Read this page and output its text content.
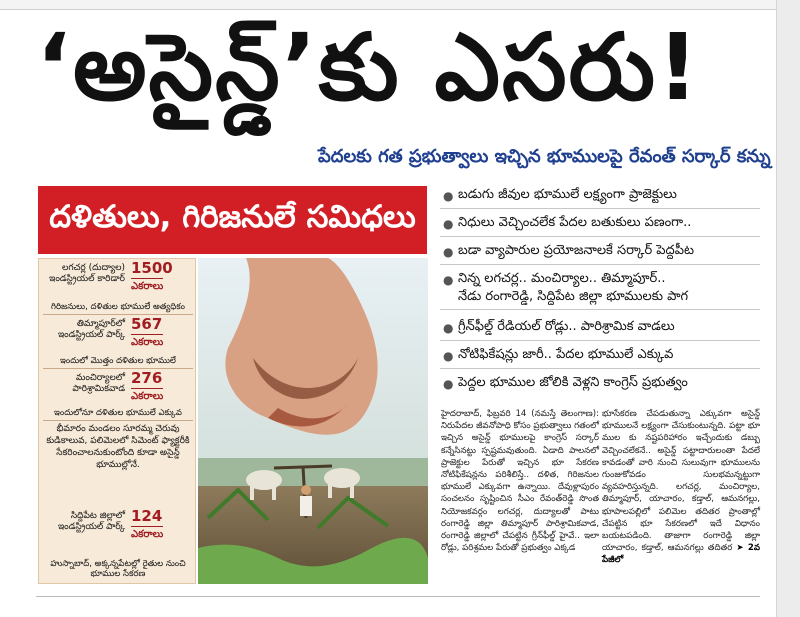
‘అసైన్డ్’కు ఎసరు!
పేదలకు గత ప్రభుత్వాలు ఇచ్చిన భూములపై రేవంత్ సర్కార్ కన్ను
దళితులు, గిరిజనులే సమిధలు
లగచర్ల (దుద్యాల) ఇండస్ట్రియల్ కారిడార్
1500
ఎకరాలు
గిరిజనులు, దళితుల భూములే అత్యధికం
తిమ్మాపూర్‌లో ఇండస్ట్రియల్ పార్క్
567
ఎకరాలు
ఇందులో మొత్తం దళితుల భూములే
మంచిర్యాలలో పారిశ్రామికవాడ
276
ఎకరాలు
ఇందులోనూ దళితుల భూములే ఎక్కువ
భీమారం మండలం సూరమ్మ చెరువు కుడికాలువ, పలిమెలలో సిమెంట్ ఫ్యాక్టరీకి సేకరించాలనుకుంటోంది కూడా అసైన్డ్ భూముల్లోనే.
సిద్దిపేట జిల్లాలో ఇండస్ట్రియల్ పార్క్
124
ఎకరాలు
హుస్నాబాద్, అక్కన్నపేటల్లో రైతుల నుంచి భూముల సేకరణ
● బడుగు జీవుల భూములే లక్ష్యంగా ప్రాజెక్టులు
● నిధులు వెచ్చించలేక పేదల బతుకులు పణంగా..
● బడా వ్యాపారుల ప్రయోజనాలకే సర్కార్ పెద్దపీట
● నిన్న లగచర్ల.. మంచిర్యాల.. తిమ్మాపూర్..
నేడు రంగారెడ్డి, సిద్దిపేట జిల్లా భూములకు పాగ
● గ్రీన్‌ఫీల్డ్ రేడియల్ రోడ్లు.. పారిశ్రామిక వాడలు
● నోటిఫికేషన్లు జారీ.. పేదల భూములే ఎక్కువ
● పెద్దల భూముల జోలికి వెళ్లని కాంగ్రెస్ ప్రభుత్వం
హైదరాబాద్, ఫిబ్రవరి 14 (నమస్తే తెలంగాణ): నిరుపేదల జీవనోపాధి కోసం ప్రభుత్వాలు గతంలో ఇచ్చిన అసైన్డ్ భూములపై కాంగ్రెస్ సర్కార్ కన్నేసినట్టు స్పష్టమవుతుంది. ఏడాది పాలనలో ప్రాజెక్టుల పేరుతో ఇచ్చిన భూ సేకరణ నోటిఫికేషన్లను పరిశీలిస్తే.. దళిత, గిరిజనుల భూములే ఎక్కువగా ఉన్నాయి. దేవుళ్లాపురం సంచలనం సృష్టించిన సీఎం రేవంత్‌రెడ్డి సొంత నియోజకవర్గం లగచర్ల, దుద్యాలతో పాటు రంగారెడ్డి జిల్లా తిమ్మాపూర్ పారిశ్రామికవాడ, రంగారెడ్డి జిల్లాలో చేపట్టిన గ్రీన్‌ఫీల్డ్ హైవే.. ఇలా రోడ్లు, పరిశ్రమల పేరుతో ప్రభుత్వం ఎక్కడ
భూసేకరణ చేపడుతున్నా ఎక్కువగా అసైన్డ్ భూములనే లక్ష్యంగా చేసుకుంటున్నది. పట్టా భూ ముల కు నష్టపరిహారం ఇచ్చేందుకు డబ్బు వెచ్చించలేకనే.. అసైన్డ్ పట్టాదారులంతా పేదలే కావడంతో వారి నుంచి సులువుగా భూములను గుంజుకోవడం సులభమన్నట్టుగా వ్యవహరిస్తున్నది. లగచర్ల, మంచిర్యాల, తిమ్మాపూర్, యాచారం, కడ్తాల్, ఆమనగల్లు, భూపాలపల్లిలో పలిమెల తదితర ప్రాంతాల్లో చేపట్టిన భూ సేకరణలో ఇదే విధానం బయటపడింది. తాజాగా రంగారెడ్డి జిల్లా యాచారం, కడ్తాల్, ఆమనగల్లు తదితర ➤ 2వ పేజీలో
